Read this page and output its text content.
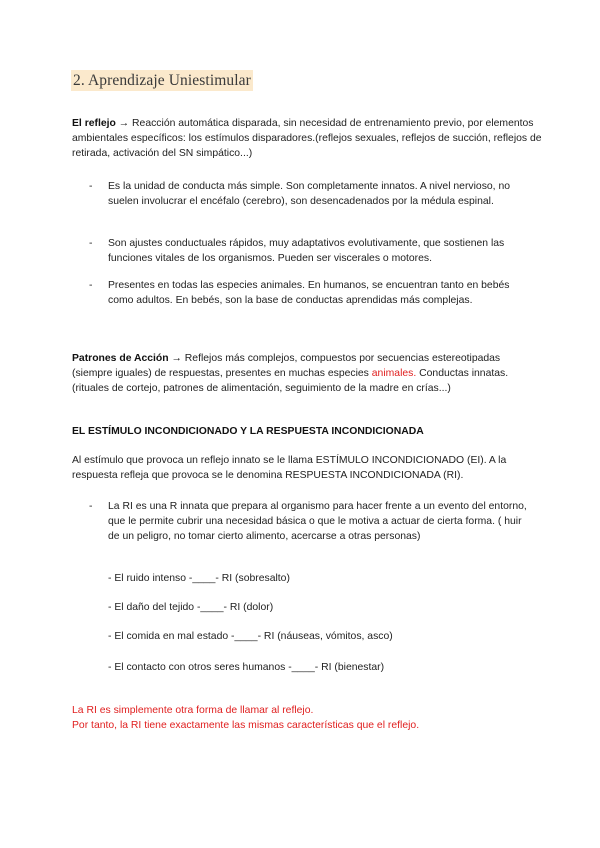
2. Aprendizaje Uniestimular

El reflejo → Reacción automática disparada, sin necesidad de entrenamiento previo, por elementos ambientales específicos: los estímulos disparadores.(reflejos sexuales, reflejos de succión, reflejos de retirada, activación del SN simpático...)

- Es la unidad de conducta más simple. Son completamente innatos. A nivel nervioso, no suelen involucrar el encéfalo (cerebro), son desencadenados por la médula espinal.
- Son ajustes conductuales rápidos, muy adaptativos evolutivamente, que sostienen las funciones vitales de los organismos. Pueden ser viscerales o motores.
- Presentes en todas las especies animales. En humanos, se encuentran tanto en bebés como adultos. En bebés, son la base de conductas aprendidas más complejas.

Patrones de Acción → Reflejos más complejos, compuestos por secuencias estereotipadas (siempre iguales) de respuestas, presentes en muchas especies animales. Conductas innatas. (rituales de cortejo, patrones de alimentación, seguimiento de la madre en crías...)

EL ESTÍMULO INCONDICIONADO Y LA RESPUESTA INCONDICIONADA

Al estímulo que provoca un reflejo innato se le llama ESTÍMULO INCONDICIONADO (EI). A la respuesta refleja que provoca se le denomina RESPUESTA INCONDICIONADA (RI).

- La RI es una R innata que prepara al organismo para hacer frente a un evento del entorno, que le permite cubrir una necesidad básica o que le motiva a actuar de cierta forma. ( huir de un peligro, no tomar cierto alimento, acercarse a otras personas)
- El ruido intenso -____- RI (sobresalto)
- El daño del tejido -____- RI (dolor)
- El comida en mal estado -____- RI (náuseas, vómitos, asco)
- El contacto con otros seres humanos -____- RI (bienestar)
La RI es simplemente otra forma de llamar al reflejo.
Por tanto, la RI tiene exactamente las mismas características que el reflejo.
